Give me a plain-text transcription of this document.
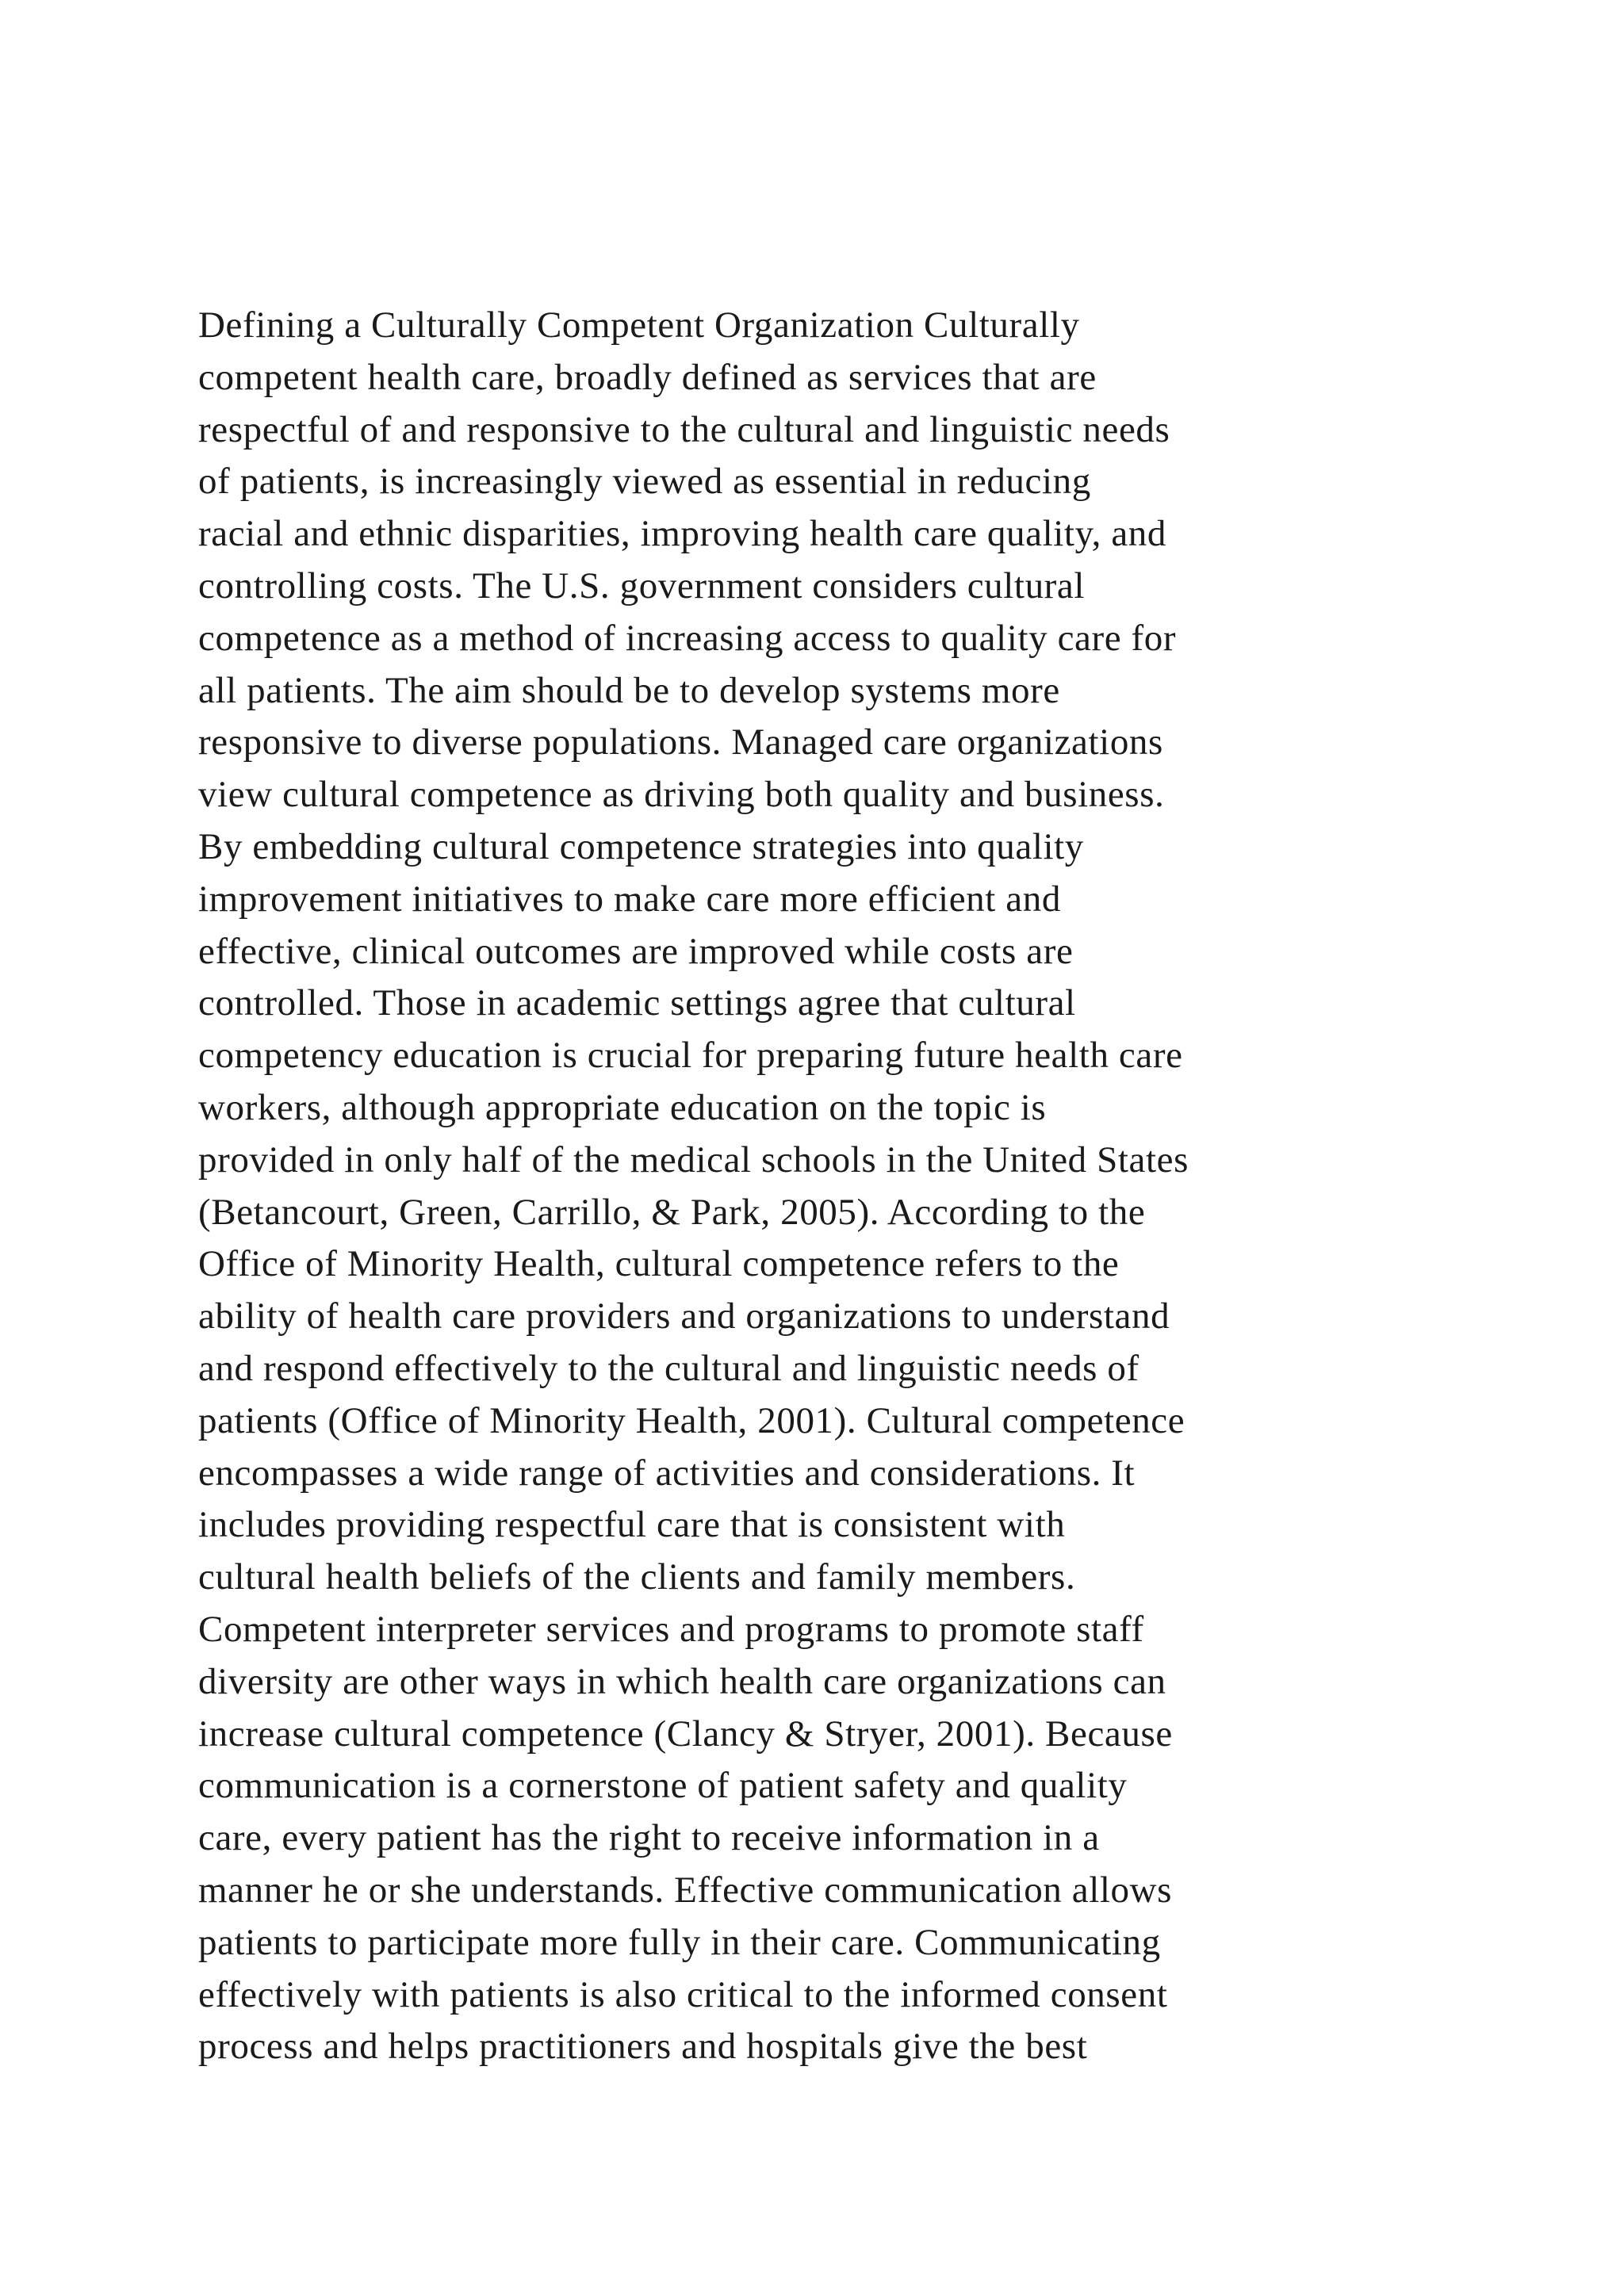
Defining a Culturally Competent Organization Culturally
competent health care, broadly defined as services that are
respectful of and responsive to the cultural and linguistic needs
of patients, is increasingly viewed as essential in reducing
racial and ethnic disparities, improving health care quality, and
controlling costs. The U.S. government considers cultural
competence as a method of increasing access to quality care for
all patients. The aim should be to develop systems more
responsive to diverse populations. Managed care organizations
view cultural competence as driving both quality and business.
By embedding cultural competence strategies into quality
improvement initiatives to make care more efficient and
effective, clinical outcomes are improved while costs are
controlled. Those in academic settings agree that cultural
competency education is crucial for preparing future health care
workers, although appropriate education on the topic is
provided in only half of the medical schools in the United States
(Betancourt, Green, Carrillo, & Park, 2005). According to the
Office of Minority Health, cultural competence refers to the
ability of health care providers and organizations to understand
and respond effectively to the cultural and linguistic needs of
patients (Office of Minority Health, 2001). Cultural competence
encompasses a wide range of activities and considerations. It
includes providing respectful care that is consistent with
cultural health beliefs of the clients and family members.
Competent interpreter services and programs to promote staff
diversity are other ways in which health care organizations can
increase cultural competence (Clancy & Stryer, 2001). Because
communication is a cornerstone of patient safety and quality
care, every patient has the right to receive information in a
manner he or she understands. Effective communication allows
patients to participate more fully in their care. Communicating
effectively with patients is also critical to the informed consent
process and helps practitioners and hospitals give the best
